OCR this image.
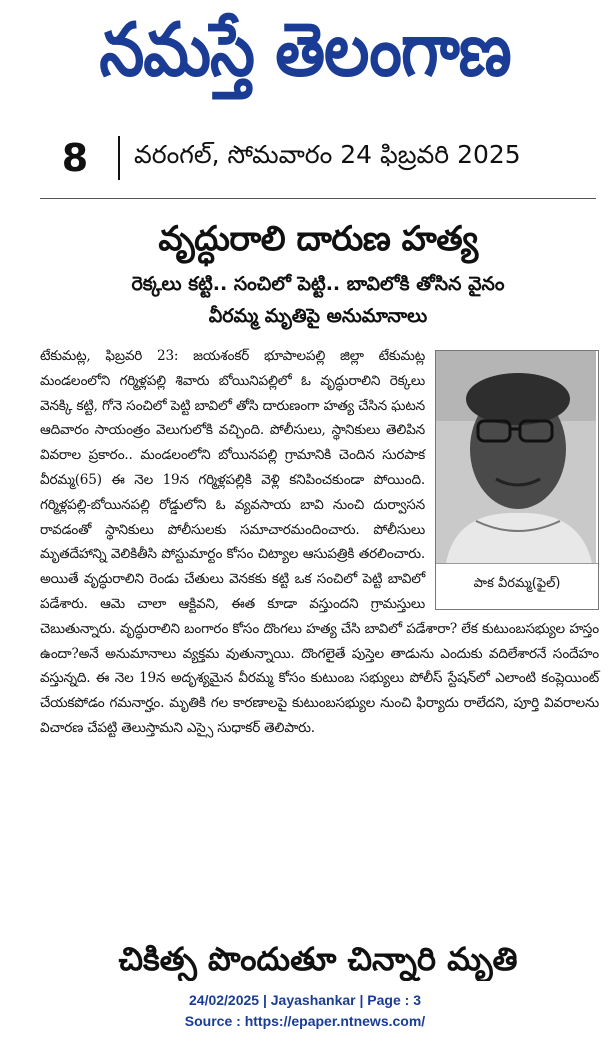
నమస్తే తెలంగాణ
8	వరంగల్, సోమవారం 24 ఫిబ్రవరి 2025
వృద్ధురాలి దారుణ హత్య

రెక్కలు కట్టి.. సంచిలో పెట్టి.. బావిలోకి తోసిన వైనం

వీరమ్మ మృతిపై అనుమానాలు

పాక వీరమ్మ(ఫైల్)

టేకుమట్ల, ఫిబ్రవరి 23: జయశంకర్ భూపాలపల్లి జిల్లా టేకుమట్ల మండలంలోని గర్మిళ్లపల్లి శివారు బోయినిపల్లిలో ఓ వృద్ధురాలిని రెక్కలు వెనక్కి కట్టి, గోనె సంచిలో పెట్టి బావిలో తోసి దారుణంగా హత్య చేసిన ఘటన ఆదివారం సాయంత్రం వెలుగులోకి వచ్చింది. పోలీసులు, స్థానికులు తెలిపిన వివరాల ప్రకారం.. మండలంలోని బోయినపల్లి గ్రామానికి చెందిన సురపాక వీరమ్మ(65) ఈ నెల 19న గర్మిళ్లపల్లికి వెళ్లి కనిపించకుండా పోయింది. గర్మిళ్లపల్లి-బోయినపల్లి రోడ్డులోని ఓ వ్యవసాయ బావి నుంచి దుర్వాసన రావడంతో స్థానికులు పోలీసులకు సమాచారమందించారు. పోలీసులు మృతదేహాన్ని వెలికితీసి పోస్టుమార్టం కోసం చిట్యాల ఆసుపత్రికి తరలించారు. అయితే వృద్ధురాలిని రెండు చేతులు వెనకకు కట్టి ఒక సంచిలో పెట్టి బావిలో పడేశారు. ఆమె చాలా ఆక్టివని, ఈత కూడా వస్తుందని గ్రామస్తులు చెబుతున్నారు. వృద్ధురాలిని బంగారం కోసం దొంగలు హత్య చేసి బావిలో పడేశారా? లేక కుటుంబసభ్యుల హస్తం ఉందా?అనే అనుమానాలు వ్యక్తమ వుతున్నాయి. దొంగలైతే పుస్తెల తాడును ఎందుకు వదిలేశారనే సందేహం వస్తున్నది. ఈ నెల 19న అదృశ్యమైన వీరమ్మ కోసం కుటుంబ సభ్యులు పోలీస్ స్టేషన్‌లో ఎలాంటి కంప్లెయింట్ చేయకపోడం గమనార్హం. మృతికి గల కారణాలపై కుటుంబసభ్యుల నుంచి ఫిర్యాదు రాలేదని, పూర్తి వివరాలను విచారణ చేపట్టి తెలుస్తామని ఎస్సై సుధాకర్ తెలిపారు.

చికిత్స పొందుతూ చిన్నారి మృతి
24/02/2025 | Jayashankar | Page : 3
Source : https://epaper.ntnews.com/
